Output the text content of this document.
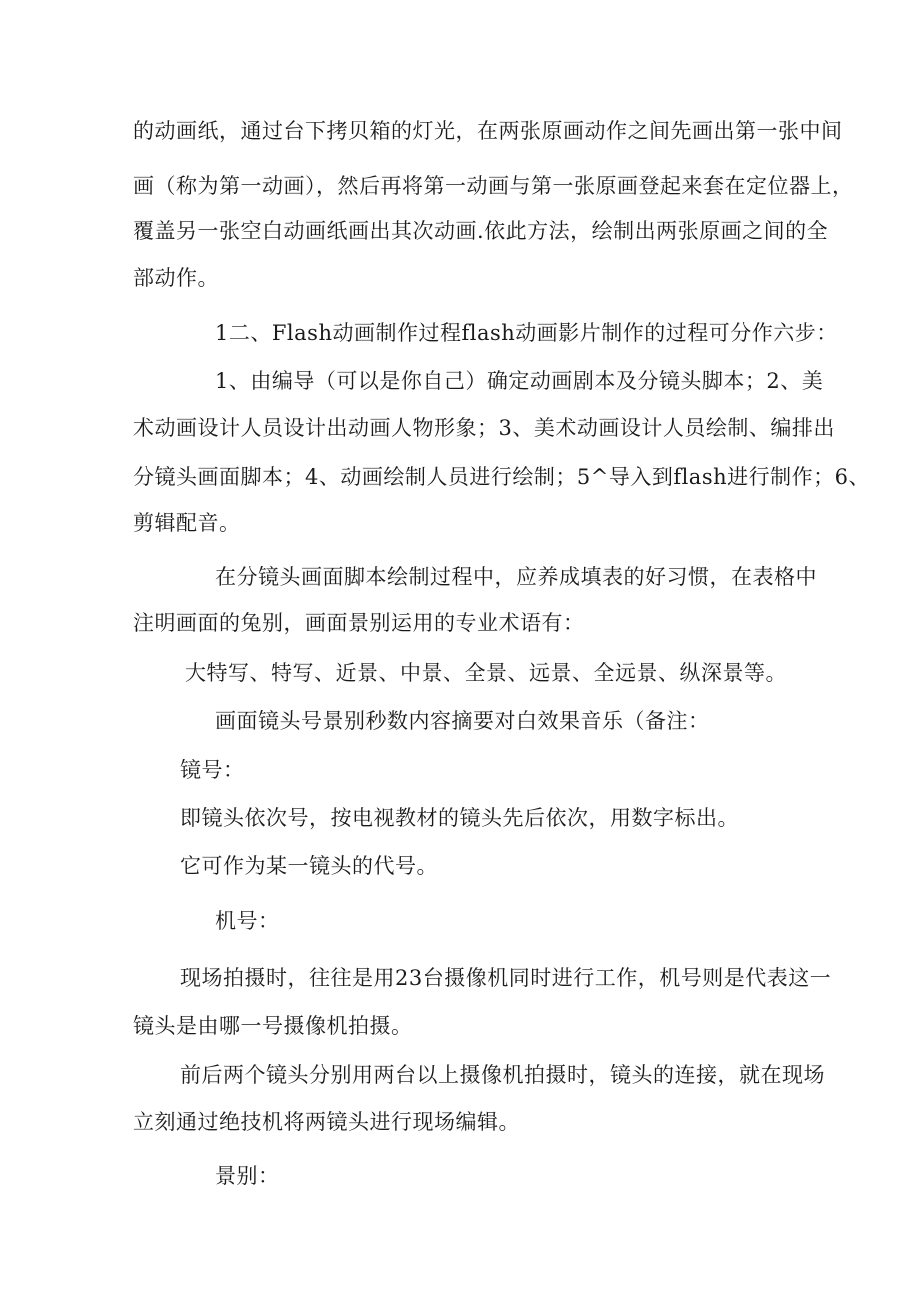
的动画纸，通过台下拷贝箱的灯光，在两张原画动作之间先画出第一张中间
画（称为第一动画），然后再将第一动画与第一张原画登起来套在定位器上，
覆盖另一张空白动画纸画出其次动画.依此方法，绘制出两张原画之间的全
部动作。
1二、Flash动画制作过程flash动画影片制作的过程可分作六步：
1、由编导（可以是你自己）确定动画剧本及分镜头脚本；2、美
术动画设计人员设计出动画人物形象；3、美术动画设计人员绘制、编排出
分镜头画面脚本；4、动画绘制人员进行绘制；5^导入到flash进行制作；6、
剪辑配音。
在分镜头画面脚本绘制过程中，应养成填表的好习惯，在表格中
注明画面的兔别，画面景别运用的专业术语有：
大特写、特写、近景、中景、全景、远景、全远景、纵深景等。
画面镜头号景别秒数内容摘要对白效果音乐（备注：
镜号：
即镜头依次号，按电视教材的镜头先后依次，用数字标出。
它可作为某一镜头的代号。
机号：
现场拍摄时，往往是用23台摄像机同时进行工作，机号则是代表这一
镜头是由哪一号摄像机拍摄。
前后两个镜头分别用两台以上摄像机拍摄时，镜头的连接，就在现场
立刻通过绝技机将两镜头进行现场编辑。
景别：
